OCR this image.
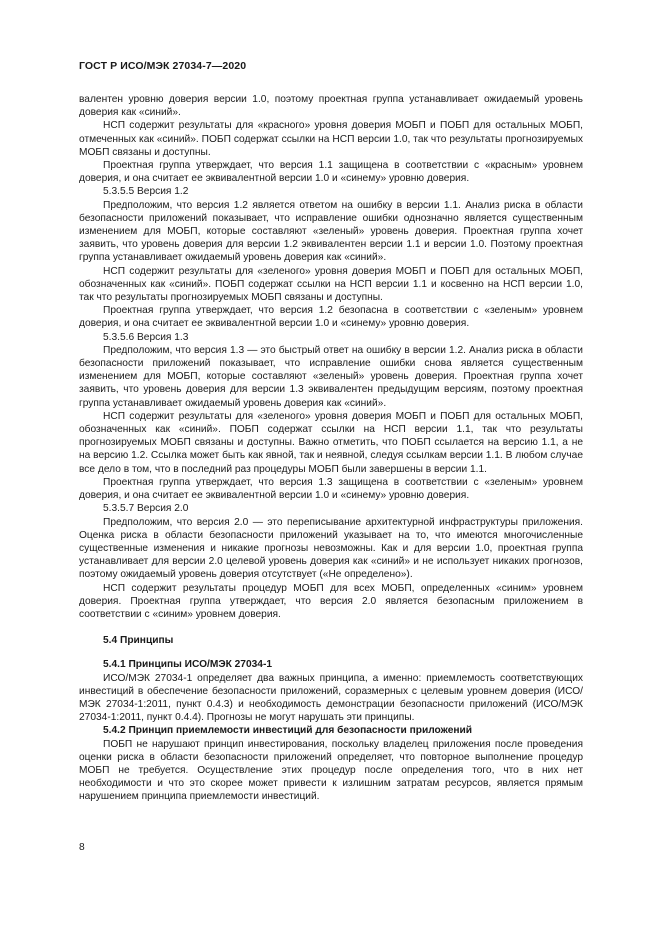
ГОСТ Р ИСО/МЭК 27034-7—2020

валентен уровню доверия версии 1.0, поэтому проектная группа устанавливает ожидаемый уровень доверия как «синий».

НСП содержит результаты для «красного» уровня доверия МОБП и ПОБП для остальных МОБП, отмеченных как «синий». ПОБП содержат ссылки на НСП версии 1.0, так что результаты прогнозируемых МОБП связаны и доступны.

Проектная группа утверждает, что версия 1.1 защищена в соответствии с «красным» уровнем доверия, и она считает ее эквивалентной версии 1.0 и «синему» уровню доверия.

5.3.5.5 Версия 1.2

Предположим, что версия 1.2 является ответом на ошибку в версии 1.1. Анализ риска в области безопасности приложений показывает, что исправление ошибки однозначно является существенным изменением для МОБП, которые составляют «зеленый» уровень доверия. Проектная группа хочет заявить, что уровень доверия для версии 1.2 эквивалентен версии 1.1 и версии 1.0. Поэтому проектная группа устанавливает ожидаемый уровень доверия как «синий».

НСП содержит результаты для «зеленого» уровня доверия МОБП и ПОБП для остальных МОБП, обозначенных как «синий». ПОБП содержат ссылки на НСП версии 1.1 и косвенно на НСП версии 1.0, так что результаты прогнозируемых МОБП связаны и доступны.

Проектная группа утверждает, что версия 1.2 безопасна в соответствии с «зеленым» уровнем доверия, и она считает ее эквивалентной версии 1.0 и «синему» уровню доверия.

5.3.5.6 Версия 1.3

Предположим, что версия 1.3 — это быстрый ответ на ошибку в версии 1.2. Анализ риска в области безопасности приложений показывает, что исправление ошибки снова является существенным изменением для МОБП, которые составляют «зеленый» уровень доверия. Проектная группа хочет заявить, что уровень доверия для версии 1.3 эквивалентен предыдущим версиям, поэтому проектная группа устанавливает ожидаемый уровень доверия как «синий».

НСП содержит результаты для «зеленого» уровня доверия МОБП и ПОБП для остальных МОБП, обозначенных как «синий». ПОБП содержат ссылки на НСП версии 1.1, так что результаты прогнозируемых МОБП связаны и доступны. Важно отметить, что ПОБП ссылается на версию 1.1, а не на версию 1.2. Ссылка может быть как явной, так и неявной, следуя ссылкам версии 1.1. В любом случае все дело в том, что в последний раз процедуры МОБП были завершены в версии 1.1.

Проектная группа утверждает, что версия 1.3 защищена в соответствии с «зеленым» уровнем доверия, и она считает ее эквивалентной версии 1.0 и «синему» уровню доверия.

5.3.5.7 Версия 2.0

Предположим, что версия 2.0 — это переписывание архитектурной инфраструктуры приложения. Оценка риска в области безопасности приложений указывает на то, что имеются многочисленные существенные изменения и никакие прогнозы невозможны. Как и для версии 1.0, проектная группа устанавливает для версии 2.0 целевой уровень доверия как «синий» и не использует никаких прогнозов, поэтому ожидаемый уровень доверия отсутствует («Не определено»).

НСП содержит результаты процедур МОБП для всех МОБП, определенных «синим» уровнем доверия. Проектная группа утверждает, что версия 2.0 является безопасным приложением в соответствии с «синим» уровнем доверия.

5.4 Принципы
5.4.1 Принципы ИСО/МЭК 27034-1

ИСО/МЭК 27034-1 определяет два важных принципа, а именно: приемлемость соответствующих инвестиций в обеспечение безопасности приложений, соразмерных с целевым уровнем доверия (ИСО/МЭК 27034-1:2011, пункт 0.4.3) и необходимость демонстрации безопасности приложений (ИСО/МЭК 27034-1:2011, пункт 0.4.4). Прогнозы не могут нарушать эти принципы.

5.4.2 Принцип приемлемости инвестиций для безопасности приложений

ПОБП не нарушают принцип инвестирования, поскольку владелец приложения после проведения оценки риска в области безопасности приложений определяет, что повторное выполнение процедур МОБП не требуется. Осуществление этих процедур после определения того, что в них нет необходимости и что это скорее может привести к излишним затратам ресурсов, является прямым нарушением принципа приемлемости инвестиций.

8
